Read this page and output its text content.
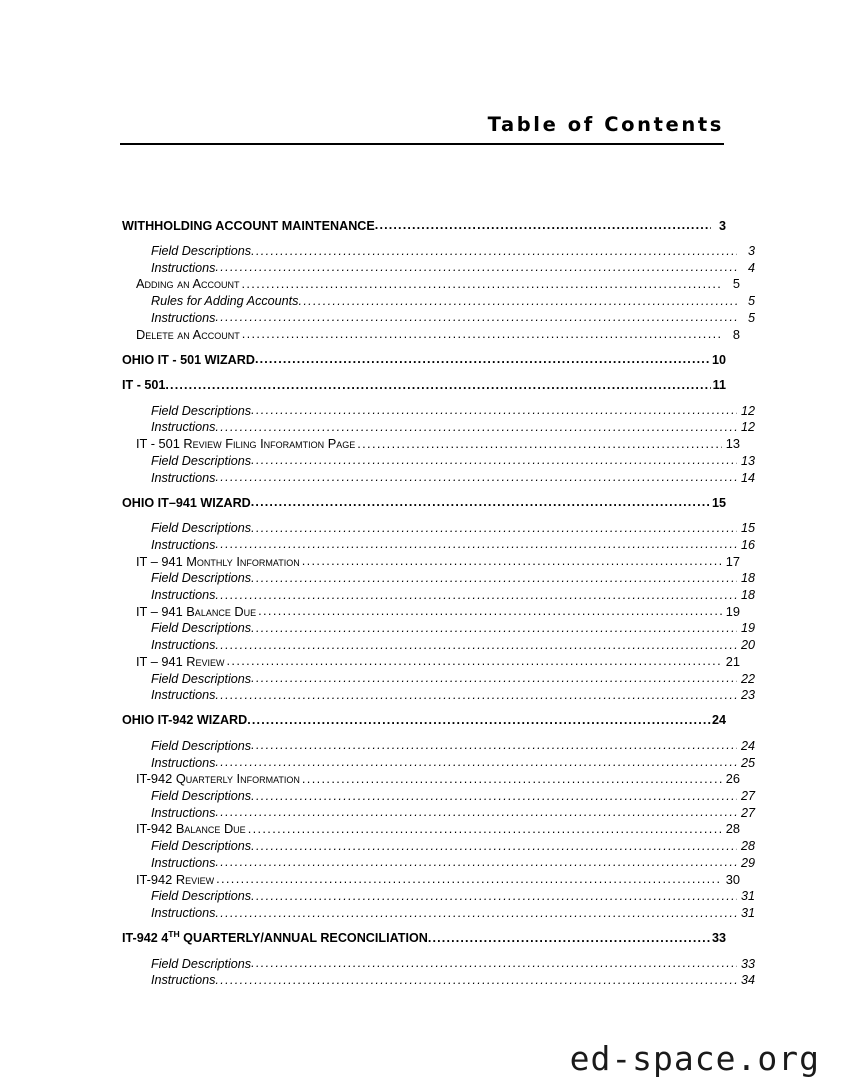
Table of Contents
WITHHOLDING ACCOUNT MAINTENANCE .....	3
Field Descriptions .....	3
Instructions .....	4
Adding an Account .....	5
Rules for Adding Accounts .....	5
Instructions .....	5
Delete an Account .....	8
OHIO IT - 501 WIZARD .....	10
IT - 501 .....	11
Field Descriptions .....	12
Instructions .....	12
IT - 501 Review Filing Inforamtion Page .....	13
Field Descriptions .....	13
Instructions .....	14
OHIO IT–941 WIZARD .....	15
Field Descriptions .....	15
Instructions .....	16
IT – 941 Monthly Information .....	17
Field Descriptions .....	18
Instructions .....	18
IT – 941 Balance Due .....	19
Field Descriptions .....	19
Instructions .....	20
IT – 941 Review .....	21
Field Descriptions .....	22
Instructions .....	23
OHIO IT-942 WIZARD .....	24
Field Descriptions .....	24
Instructions .....	25
IT-942 Quarterly Information .....	26
Field Descriptions .....	27
Instructions .....	27
IT-942 Balance Due .....	28
Field Descriptions .....	28
Instructions .....	29
IT-942 Review .....	30
Field Descriptions .....	31
Instructions .....	31
IT-942 4TH QUARTERLY/ANNUAL RECONCILIATION .....	33
Field Descriptions .....	33
Instructions .....	34
ed-space.org
